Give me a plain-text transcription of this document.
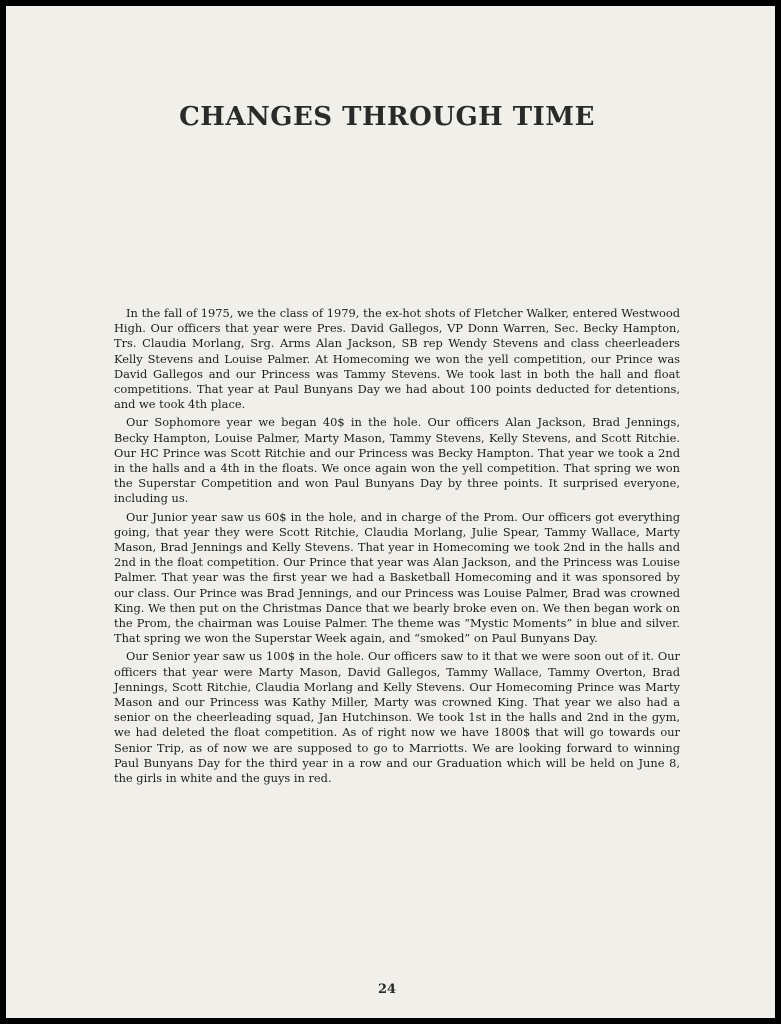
CHANGES THROUGH TIME

In the fall of 1975, we the class of 1979, the ex-hot shots of Fletcher Walker, entered Westwood High. Our officers that year were Pres. David Gallegos, VP Donn Warren, Sec. Becky Hampton, Trs. Claudia Morlang, Srg. Arms Alan Jackson, SB rep Wendy Stevens and class cheerleaders Kelly Stevens and Louise Palmer. At Homecoming we won the yell competition, our Prince was David Gallegos and our Princess was Tammy Stevens. We took last in both the hall and float competitions. That year at Paul Bunyans Day we had about 100 points deducted for detentions, and we took 4th place.

Our Sophomore year we began 40$ in the hole. Our officers Alan Jackson, Brad Jennings, Becky Hampton, Louise Palmer, Marty Mason, Tammy Stevens, Kelly Stevens, and Scott Ritchie. Our HC Prince was Scott Ritchie and our Princess was Becky Hampton. That year we took a 2nd in the halls and a 4th in the floats. We once again won the yell competition. That spring we won the Superstar Competition and won Paul Bunyans Day by three points. It surprised everyone, including us.

Our Junior year saw us 60$ in the hole, and in charge of the Prom. Our officers got everything going, that year they were Scott Ritchie, Claudia Morlang, Julie Spear, Tammy Wallace, Marty Mason, Brad Jennings and Kelly Stevens. That year in Homecoming we took 2nd in the halls and 2nd in the float competition. Our Prince that year was Alan Jackson, and the Princess was Louise Palmer. That year was the first year we had a Basketball Homecoming and it was sponsored by our class. Our Prince was Brad Jennings, and our Princess was Louise Palmer, Brad was crowned King. We then put on the Christmas Dance that we bearly broke even on. We then began work on the Prom, the chairman was Louise Palmer. The theme was “Mystic Moments” in blue and silver. That spring we won the Superstar Week again, and “smoked” on Paul Bunyans Day.

Our Senior year saw us 100$ in the hole. Our officers saw to it that we were soon out of it. Our officers that year were Marty Mason, David Gallegos, Tammy Wallace, Tammy Overton, Brad Jennings, Scott Ritchie, Claudia Morlang and Kelly Stevens. Our Homecoming Prince was Marty Mason and our Princess was Kathy Miller, Marty was crowned King. That year we also had a senior on the cheerleading squad, Jan Hutchinson. We took 1st in the halls and 2nd in the gym, we had deleted the float competition. As of right now we have 1800$ that will go towards our Senior Trip, as of now we are supposed to go to Marriotts. We are looking forward to winning Paul Bunyans Day for the third year in a row and our Graduation which will be held on June 8, the girls in white and the guys in red.

24
